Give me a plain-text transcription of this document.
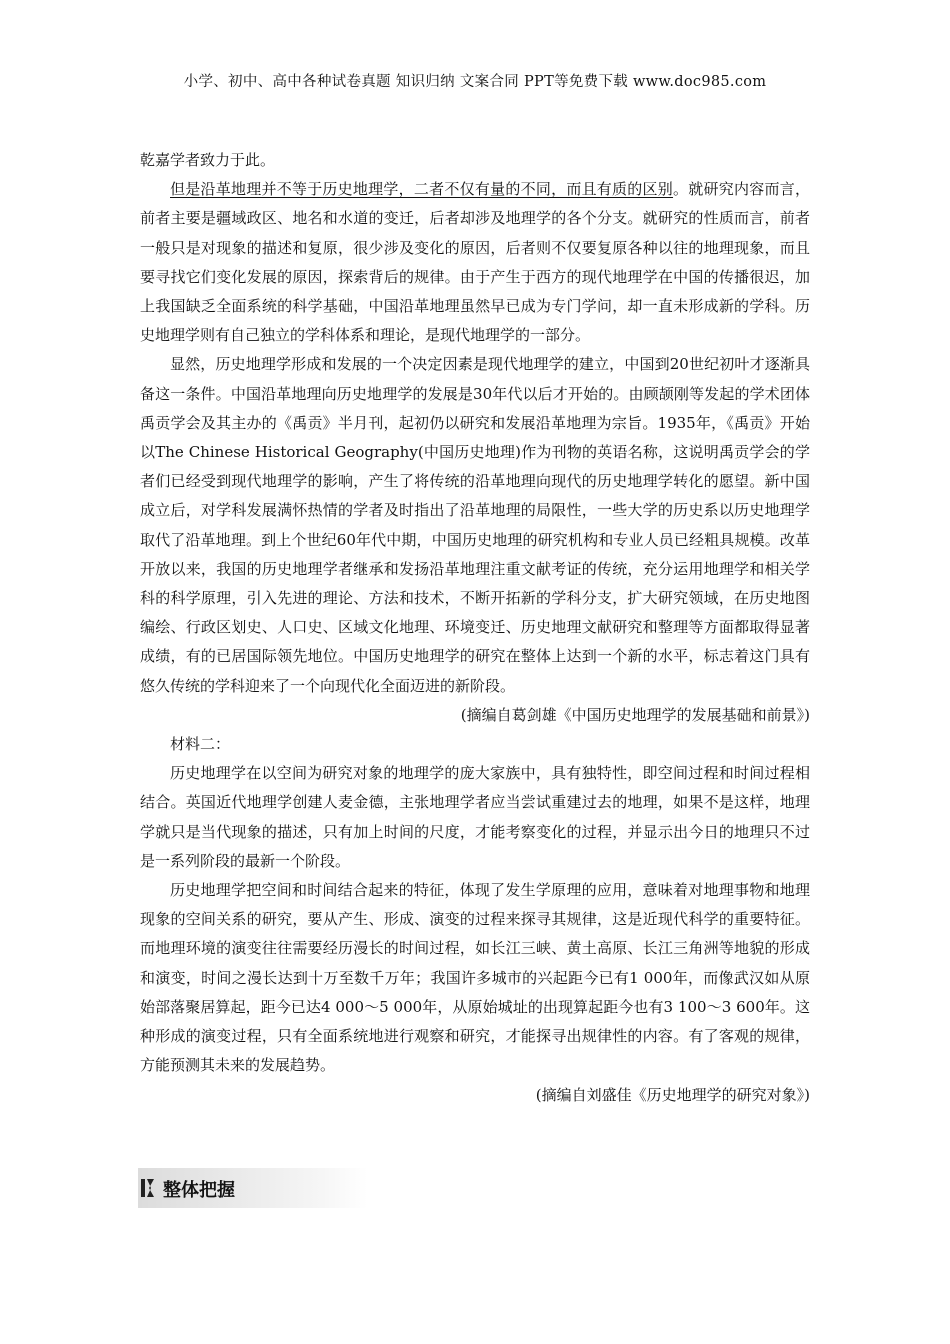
小学、初中、高中各种试卷真题 知识归纳 文案合同 PPT等免费下载 www.doc985.com

乾嘉学者致力于此。

但是沿革地理并不等于历史地理学，二者不仅有量的不同，而且有质的区别。就研究内容而言，前者主要是疆域政区、地名和水道的变迁，后者却涉及地理学的各个分支。就研究的性质而言，前者一般只是对现象的描述和复原，很少涉及变化的原因，后者则不仅要复原各种以往的地理现象，而且要寻找它们变化发展的原因，探索背后的规律。由于产生于西方的现代地理学在中国的传播很迟，加上我国缺乏全面系统的科学基础，中国沿革地理虽然早已成为专门学问，却一直未形成新的学科。历史地理学则有自己独立的学科体系和理论，是现代地理学的一部分。

显然，历史地理学形成和发展的一个决定因素是现代地理学的建立，中国到20世纪初叶才逐渐具备这一条件。中国沿革地理向历史地理学的发展是30年代以后才开始的。由顾颉刚等发起的学术团体禹贡学会及其主办的《禹贡》半月刊，起初仍以研究和发展沿革地理为宗旨。1935年，《禹贡》开始以The Chinese Historical Geography(中国历史地理)作为刊物的英语名称，这说明禹贡学会的学者们已经受到现代地理学的影响，产生了将传统的沿革地理向现代的历史地理学转化的愿望。新中国成立后，对学科发展满怀热情的学者及时指出了沿革地理的局限性，一些大学的历史系以历史地理学取代了沿革地理。到上个世纪60年代中期，中国历史地理的研究机构和专业人员已经粗具规模。改革开放以来，我国的历史地理学者继承和发扬沿革地理注重文献考证的传统，充分运用地理学和相关学科的科学原理，引入先进的理论、方法和技术，不断开拓新的学科分支，扩大研究领域，在历史地图编绘、行政区划史、人口史、区域文化地理、环境变迁、历史地理文献研究和整理等方面都取得显著成绩，有的已居国际领先地位。中国历史地理学的研究在整体上达到一个新的水平，标志着这门具有悠久传统的学科迎来了一个向现代化全面迈进的新阶段。

(摘编自葛剑雄《中国历史地理学的发展基础和前景》)

材料二：

历史地理学在以空间为研究对象的地理学的庞大家族中，具有独特性，即空间过程和时间过程相结合。英国近代地理学创建人麦金德，主张地理学者应当尝试重建过去的地理，如果不是这样，地理学就只是当代现象的描述，只有加上时间的尺度，才能考察变化的过程，并显示出今日的地理只不过是一系列阶段的最新一个阶段。

历史地理学把空间和时间结合起来的特征，体现了发生学原理的应用，意味着对地理事物和地理现象的空间关系的研究，要从产生、形成、演变的过程来探寻其规律，这是近现代科学的重要特征。而地理环境的演变往往需要经历漫长的时间过程，如长江三峡、黄土高原、长江三角洲等地貌的形成和演变，时间之漫长达到十万至数千万年；我国许多城市的兴起距今已有1 000年，而像武汉如从原始部落聚居算起，距今已达4 000～5 000年，从原始城址的出现算起距今也有3 100～3 600年。这种形成的演变过程，只有全面系统地进行观察和研究，才能探寻出规律性的内容。有了客观的规律，方能预测其未来的发展趋势。

(摘编自刘盛佳《历史地理学的研究对象》)

整体把握
